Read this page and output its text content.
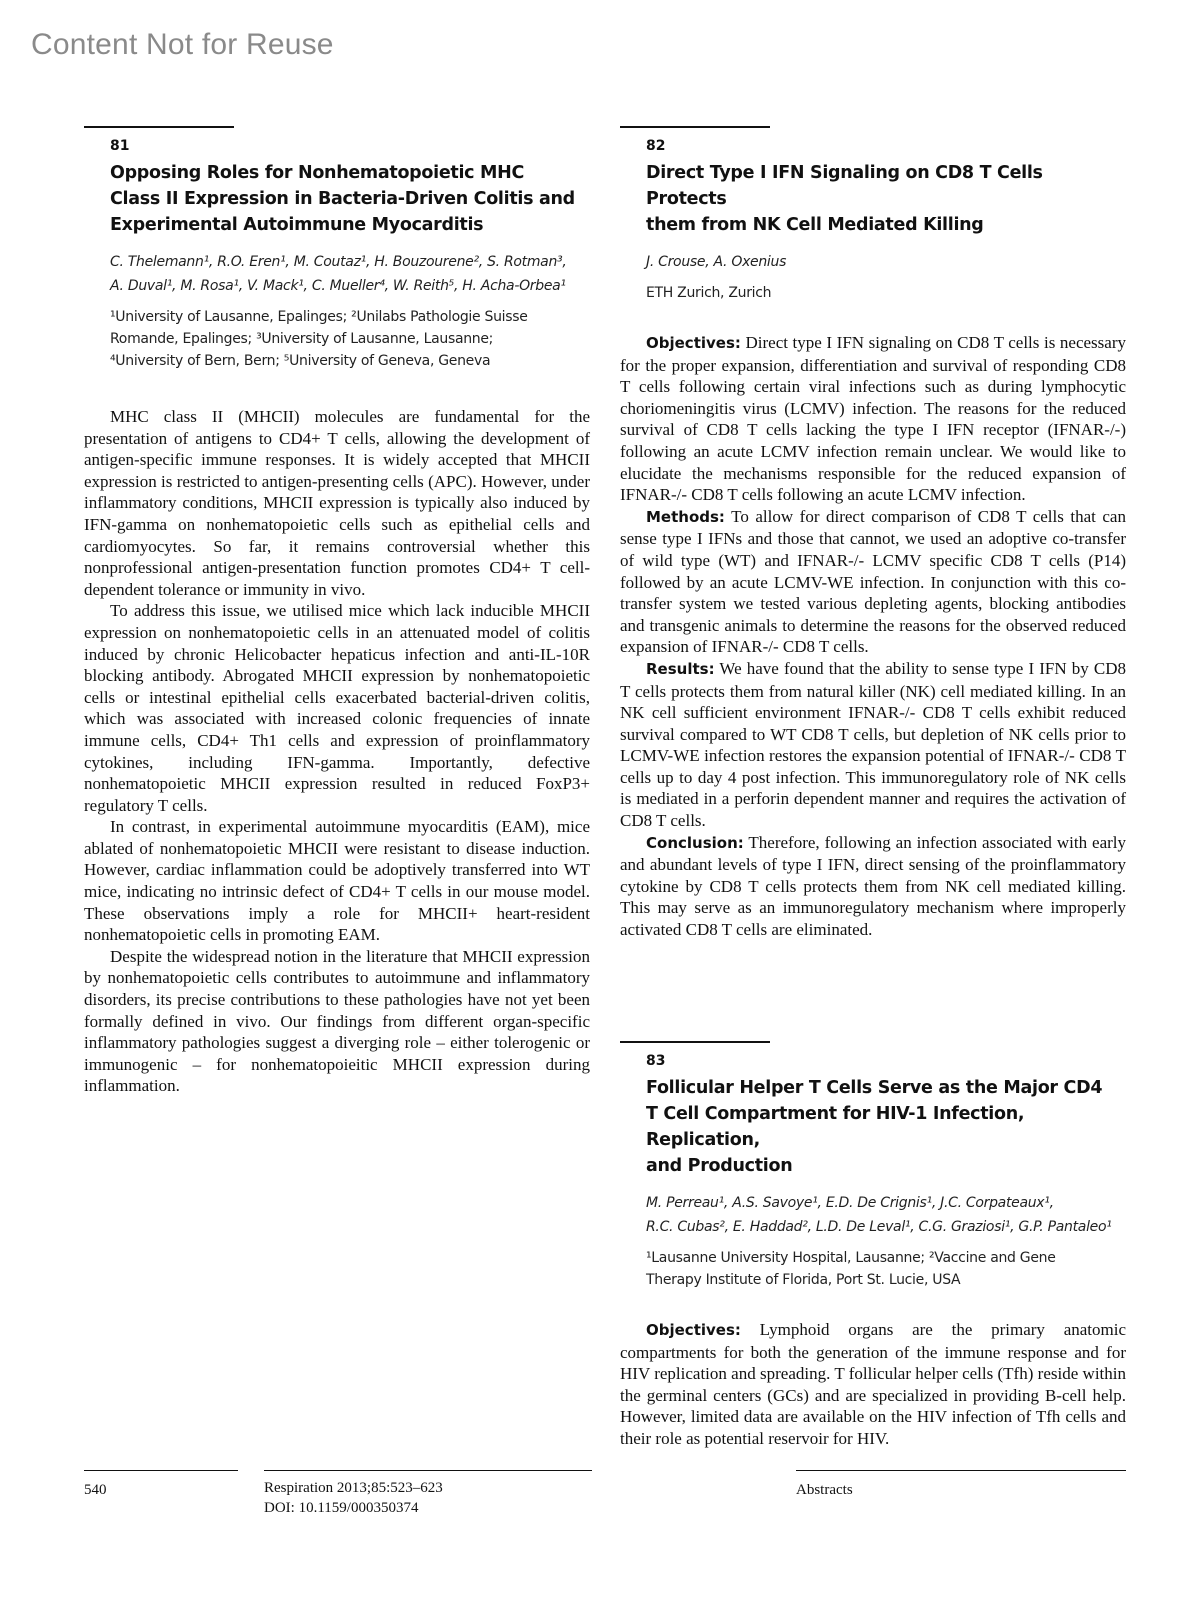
Content Not for Reuse
81
Opposing Roles for Nonhematopoietic MHC
Class II Expression in Bacteria-Driven Colitis and
Experimental Autoimmune Myocarditis
C. Thelemann¹, R.O. Eren¹, M. Coutaz¹, H. Bouzourene², S. Rotman³,
A. Duval¹, M. Rosa¹, V. Mack¹, C. Mueller⁴, W. Reith⁵, H. Acha-Orbea¹
¹University of Lausanne, Epalinges; ²Unilabs Pathologie Suisse
Romande, Epalinges; ³University of Lausanne, Lausanne;
⁴University of Bern, Bern; ⁵University of Geneva, Geneva

MHC class II (MHCII) molecules are fundamental for the presentation of antigens to CD4+ T cells, allowing the development of antigen-specific immune responses. It is widely accepted that MHCII expression is restricted to antigen-presenting cells (APC). However, under inflammatory conditions, MHCII expression is typically also induced by IFN-gamma on nonhematopoietic cells such as epithelial cells and cardiomyocytes. So far, it remains controversial whether this nonprofessional antigen-presentation function promotes CD4+ T cell-dependent tolerance or immunity in vivo.

To address this issue, we utilised mice which lack inducible MHCII expression on nonhematopoietic cells in an attenuated model of colitis induced by chronic Helicobacter hepaticus infection and anti-IL-10R blocking antibody. Abrogated MHCII expression by nonhematopoietic cells or intestinal epithelial cells exacerbated bacterial-driven colitis, which was associated with increased colonic frequencies of innate immune cells, CD4+ Th1 cells and expression of proinflammatory cytokines, including IFN-gamma. Importantly, defective nonhematopoietic MHCII expression resulted in reduced FoxP3+ regulatory T cells.

In contrast, in experimental autoimmune myocarditis (EAM), mice ablated of nonhematopoietic MHCII were resistant to disease induction. However, cardiac inflammation could be adoptively transferred into WT mice, indicating no intrinsic defect of CD4+ T cells in our mouse model. These observations imply a role for MHCII+ heart-resident nonhematopoietic cells in promoting EAM.

Despite the widespread notion in the literature that MHCII expression by nonhematopoietic cells contributes to autoimmune and inflammatory disorders, its precise contributions to these pathologies have not yet been formally defined in vivo. Our findings from different organ-specific inflammatory pathologies suggest a diverging role – either tolerogenic or immunogenic – for nonhematopoieitic MHCII expression during inflammation.

82
Direct Type I IFN Signaling on CD8 T Cells Protects
them from NK Cell Mediated Killing
J. Crouse, A. Oxenius
ETH Zurich, Zurich

Objectives: Direct type I IFN signaling on CD8 T cells is necessary for the proper expansion, differentiation and survival of responding CD8 T cells following certain viral infections such as during lymphocytic choriomeningitis virus (LCMV) infection. The reasons for the reduced survival of CD8 T cells lacking the type I IFN receptor (IFNAR-/-) following an acute LCMV infection remain unclear. We would like to elucidate the mechanisms responsible for the reduced expansion of IFNAR-/- CD8 T cells following an acute LCMV infection.

Methods: To allow for direct comparison of CD8 T cells that can sense type I IFNs and those that cannot, we used an adoptive co-transfer of wild type (WT) and IFNAR-/- LCMV specific CD8 T cells (P14) followed by an acute LCMV-WE infection. In conjunction with this co-transfer system we tested various depleting agents, blocking antibodies and transgenic animals to determine the reasons for the observed reduced expansion of IFNAR-/- CD8 T cells.

Results: We have found that the ability to sense type I IFN by CD8 T cells protects them from natural killer (NK) cell mediated killing. In an NK cell sufficient environment IFNAR-/- CD8 T cells exhibit reduced survival compared to WT CD8 T cells, but depletion of NK cells prior to LCMV-WE infection restores the expansion potential of IFNAR-/- CD8 T cells up to day 4 post infection. This immunoregulatory role of NK cells is mediated in a perforin dependent manner and requires the activation of CD8 T cells.

Conclusion: Therefore, following an infection associated with early and abundant levels of type I IFN, direct sensing of the proinflammatory cytokine by CD8 T cells protects them from NK cell mediated killing. This may serve as an immunoregulatory mechanism where improperly activated CD8 T cells are eliminated.

83
Follicular Helper T Cells Serve as the Major CD4
T Cell Compartment for HIV-1 Infection, Replication,
and Production
M. Perreau¹, A.S. Savoye¹, E.D. De Crignis¹, J.C. Corpateaux¹,
R.C. Cubas², E. Haddad², L.D. De Leval¹, C.G. Graziosi¹, G.P. Pantaleo¹
¹Lausanne University Hospital, Lausanne; ²Vaccine and Gene
Therapy Institute of Florida, Port St. Lucie, USA

Objectives: Lymphoid organs are the primary anatomic compartments for both the generation of the immune response and for HIV replication and spreading. T follicular helper cells (Tfh) reside within the germinal centers (GCs) and are specialized in providing B-cell help. However, limited data are available on the HIV infection of Tfh cells and their role as potential reservoir for HIV.

540	Respiration 2013;85:523–623
DOI: 10.1159/000350374
Abstracts
